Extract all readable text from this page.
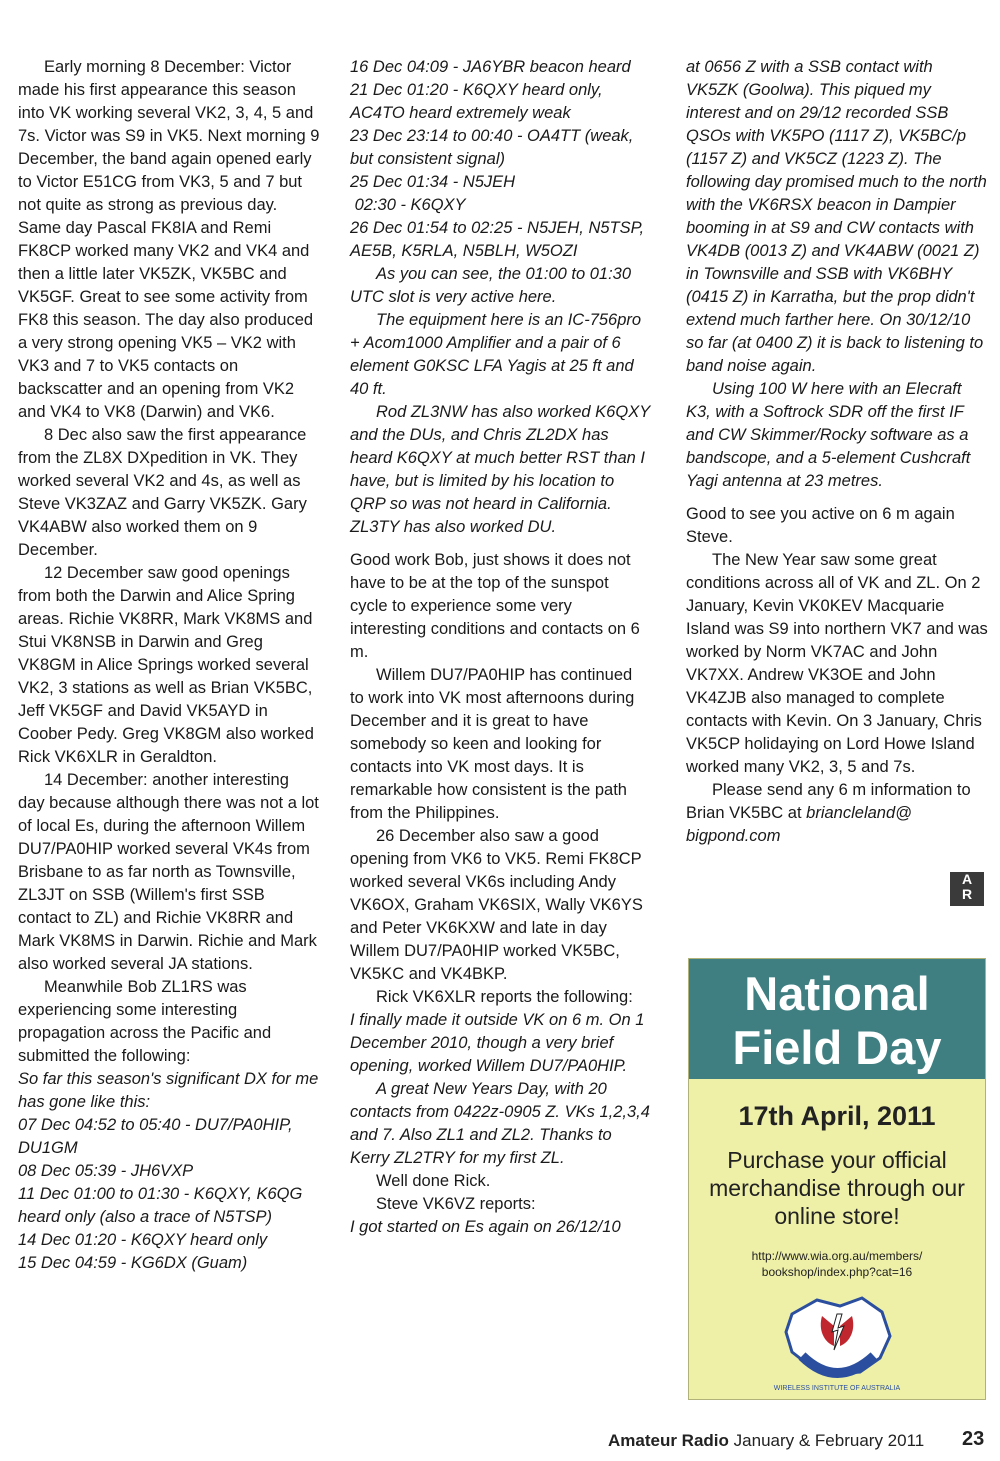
Early morning 8 December: Victor made his first appearance this season into VK working several VK2, 3, 4, 5 and 7s. Victor was S9 in VK5. Next morning 9 December, the band again opened early to Victor E51CG from VK3, 5 and 7 but not quite as strong as previous day. Same day Pascal FK8IA and Remi FK8CP worked many VK2 and VK4 and then a little later VK5ZK, VK5BC and VK5GF. Great to see some activity from FK8 this season. The day also produced a very strong opening VK5 – VK2 with VK3 and 7 to VK5 contacts on backscatter and an opening from VK2 and VK4 to VK8 (Darwin) and VK6.

8 Dec also saw the first appearance from the ZL8X DXpedition in VK. They worked several VK2 and 4s, as well as Steve VK3ZAZ and Garry VK5ZK. Gary VK4ABW also worked them on 9 December.

12 December saw good openings from both the Darwin and Alice Spring areas. Richie VK8RR, Mark VK8MS and Stui VK8NSB in Darwin and Greg VK8GM in Alice Springs worked several VK2, 3 stations as well as Brian VK5BC, Jeff VK5GF and David VK5AYD in Coober Pedy. Greg VK8GM also worked Rick VK6XLR in Geraldton.

14 December: another interesting day because although there was not a lot of local Es, during the afternoon Willem DU7/PA0HIP worked several VK4s from Brisbane to as far north as Townsville, ZL3JT on SSB (Willem's first SSB contact to ZL) and Richie VK8RR and Mark VK8MS in Darwin. Richie and Mark also worked several JA stations.

Meanwhile Bob ZL1RS was experiencing some interesting propagation across the Pacific and submitted the following:

So far this season's significant DX for me has gone like this:

07 Dec 04:52 to 05:40 - DU7/PA0HIP, DU1GM

08 Dec 05:39 - JH6VXP

11 Dec 01:00 to 01:30 - K6QXY, K6QG heard only (also a trace of N5TSP)

14 Dec 01:20 - K6QXY heard only

15 Dec 04:59 - KG6DX (Guam)

16 Dec 04:09 - JA6YBR beacon heard

21 Dec 01:20 - K6QXY heard only, AC4TO heard extremely weak

23 Dec 23:14 to 00:40 - OA4TT (weak, but consistent signal)

25 Dec 01:34 - N5JEH

02:30 - K6QXY

26 Dec 01:54 to 02:25 - N5JEH, N5TSP, AE5B, K5RLA, N5BLH, W5OZI

As you can see, the 01:00 to 01:30 UTC slot is very active here.

The equipment here is an IC-756pro + Acom1000 Amplifier and a pair of 6 element G0KSC LFA Yagis at 25 ft and 40 ft.

Rod ZL3NW has also worked K6QXY and the DUs, and Chris ZL2DX has heard K6QXY at much better RST than I have, but is limited by his location to QRP so was not heard in California. ZL3TY has also worked DU.

Good work Bob, just shows it does not have to be at the top of the sunspot cycle to experience some very interesting conditions and contacts on 6 m.

Willem DU7/PA0HIP has continued to work into VK most afternoons during December and it is great to have somebody so keen and looking for contacts into VK most days. It is remarkable how consistent is the path from the Philippines.

26 December also saw a good opening from VK6 to VK5. Remi FK8CP worked several VK6s including Andy VK6OX, Graham VK6SIX, Wally VK6YS and Peter VK6KXW and late in day Willem DU7/PA0HIP worked VK5BC, VK5KC and VK4BKP.

Rick VK6XLR reports the following:

I finally made it outside VK on 6 m. On 1 December 2010, though a very brief opening, worked Willem DU7/PA0HIP.

A great New Years Day, with 20 contacts from 0422z-0905 Z. VKs 1,2,3,4 and 7. Also ZL1 and ZL2. Thanks to Kerry ZL2TRY for my first ZL.

Well done Rick.

Steve VK6VZ reports:

I got started on Es again on 26/12/10

at 0656 Z with a SSB contact with VK5ZK (Goolwa). This piqued my interest and on 29/12 recorded SSB QSOs with VK5PO (1117 Z), VK5BC/p (1157 Z) and VK5CZ (1223 Z). The following day promised much to the north with the VK6RSX beacon in Dampier booming in at S9 and CW contacts with VK4DB (0013 Z) and VK4ABW (0021 Z) in Townsville and SSB with VK6BHY (0415 Z) in Karratha, but the prop didn't extend much farther here. On 30/12/10 so far (at 0400 Z) it is back to listening to band noise again.

Using 100 W here with an Elecraft K3, with a Softrock SDR off the first IF and CW Skimmer/Rocky software as a bandscope, and a 5-element Cushcraft Yagi antenna at 23 metres.

Good to see you active on 6 m again Steve.

The New Year saw some great conditions across all of VK and ZL. On 2 January, Kevin VK0KEV Macquarie Island was S9 into northern VK7 and was worked by Norm VK7AC and John VK7XX. Andrew VK3OE and John VK4ZJB also managed to complete contacts with Kevin. On 3 January, Chris VK5CP holidaying on Lord Howe Island worked many VK2, 3, 5 and 7s.

Please send any 6 m information to Brian VK5BC at briancleland@ bigpond.com

A
R
National
Field Day
17th April, 2011
Purchase your official merchandise through our online store!
http://www.wia.org.au/members/
bookshop/index.php?cat=16
WIRELESS INSTITUTE OF AUSTRALIA
Amateur Radio January & February 2011 23
